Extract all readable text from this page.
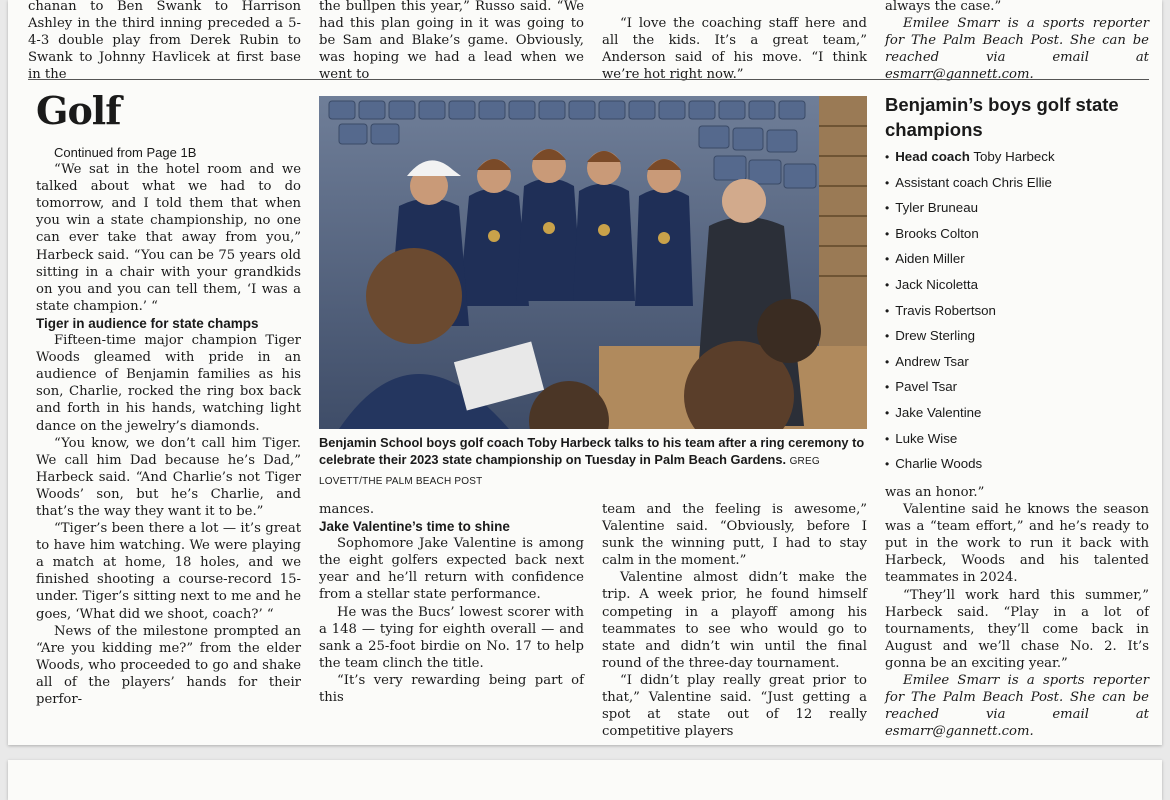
chanan to Ben Swank to Harrison Ashley in the third inning preceded a 5-4-3 double play from Derek Rubin to Swank to Johnny Havlicek at first base in the

the bullpen this year,” Russo said. “We had this plan going in it was going to be Sam and Blake’s game. Obviously, was hoping we had a lead when we went to

“I love the coaching staff here and all the kids. It’s a great team,” Anderson said of his move. “I think we’re hot right now.”

always the case.”

Emilee Smarr is a sports reporter for The Palm Beach Post. She can be reached via email at esmarr@gannett.com.

Golf

Continued from Page 1B

“We sat in the hotel room and we talked about what we had to do tomorrow, and I told them that when you win a state championship, no one can ever take that away from you,” Harbeck said. “You can be 75 years old sitting in a chair with your grandkids on you and you can tell them, ‘I was a state champion.’ “

Tiger in audience for state champs

Fifteen-time major champion Tiger Woods gleamed with pride in an audience of Benjamin families as his son, Charlie, rocked the ring box back and forth in his hands, watching light dance on the jewelry’s diamonds.

“You know, we don’t call him Tiger. We call him Dad because he’s Dad,” Harbeck said. “And Charlie’s not Tiger Woods’ son, but he’s Charlie, and that’s the way they want it to be.”

“Tiger’s been there a lot — it’s great to have him watching. We were playing a match at home, 18 holes, and we finished shooting a course-record 15-under. Tiger’s sitting next to me and he goes, ‘What did we shoot, coach?’ “

News of the milestone prompted an “Are you kidding me?” from the elder Woods, who proceeded to go and shake all of the players’ hands for their perfor-

Benjamin School boys golf coach Toby Harbeck talks to his team after a ring ceremony to celebrate their 2023 state championship on Tuesday in Palm Beach Gardens. GREG LOVETT/THE PALM BEACH POST

mances.

Jake Valentine’s time to shine

Sophomore Jake Valentine is among the eight golfers expected back next year and he’ll return with confidence from a stellar state performance.

He was the Bucs’ lowest scorer with a 148 — tying for eighth overall — and sank a 25-foot birdie on No. 17 to help the team clinch the title.

“It’s very rewarding being part of this

team and the feeling is awesome,” Valentine said. “Obviously, before I sunk the winning putt, I had to stay calm in the moment.”

Valentine almost didn’t make the trip. A week prior, he found himself competing in a playoff among his teammates to see who would go to state and didn’t win until the final round of the three-day tournament.

“I didn’t play really great prior to that,” Valentine said. “Just getting a spot at state out of 12 really competitive players

Benjamin’s boys golf state champions
• Head coach Toby Harbeck
• Assistant coach Chris Ellie
• Tyler Bruneau
• Brooks Colton
• Aiden Miller
• Jack Nicoletta
• Travis Robertson
• Drew Sterling
• Andrew Tsar
• Pavel Tsar
• Jake Valentine
• Luke Wise
• Charlie Woods

was an honor.”

Valentine said he knows the season was a “team effort,” and he’s ready to put in the work to run it back with Harbeck, Woods and his talented teammates in 2024.

“They’ll work hard this summer,” Harbeck said. “Play in a lot of tournaments, they’ll come back in August and we’ll chase No. 2. It’s gonna be an exciting year.”

Emilee Smarr is a sports reporter for The Palm Beach Post. She can be reached via email at esmarr@gannett.com.
